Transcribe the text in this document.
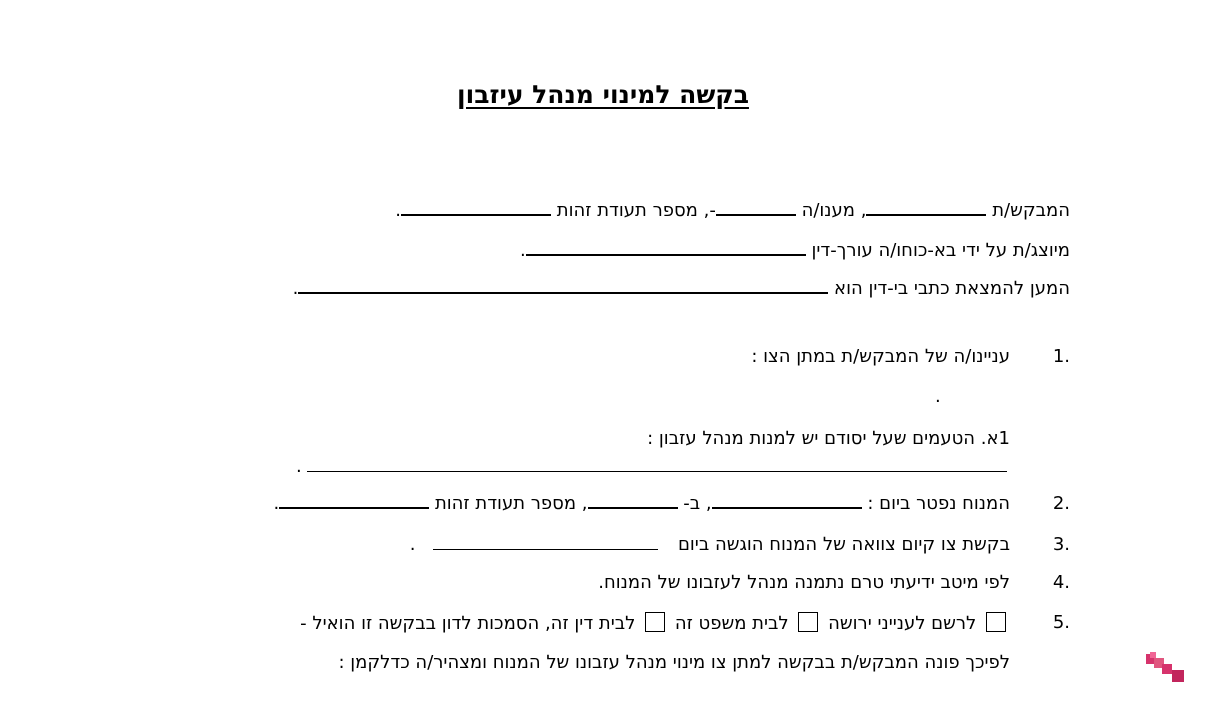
בקשה למינוי מנהל עיזבון
המבקש/ת , מענו/ה -, מספר תעודת זהות .
מיוצג/ת על ידי בא-כוחו/ה עורך-דין .
המען להמצאת כתבי בי-דין הוא .
1.
עניינו/ה של המבקש/ת במתן הצו :
.
1א. הטעמים שעל יסודם יש למנות מנהל עזבון :
.
2.
המנוח נפטר ביום : , ב- , מספר תעודת זהות .
3.
בקשת צו קיום צוואה של המנוח הוגשה ביום  .
4.
לפי מיטב ידיעתי טרם נתמנה מנהל לעזבונו של המנוח.
5.
לרשם לענייני ירושה  לבית משפט זה  לבית דין זה, הסמכות לדון בבקשה זו הואיל -
לפיכך פונה המבקש/ת בבקשה למתן צו מינוי מנהל עזבונו של המנוח ומצהיר/ה כדלקמן :
